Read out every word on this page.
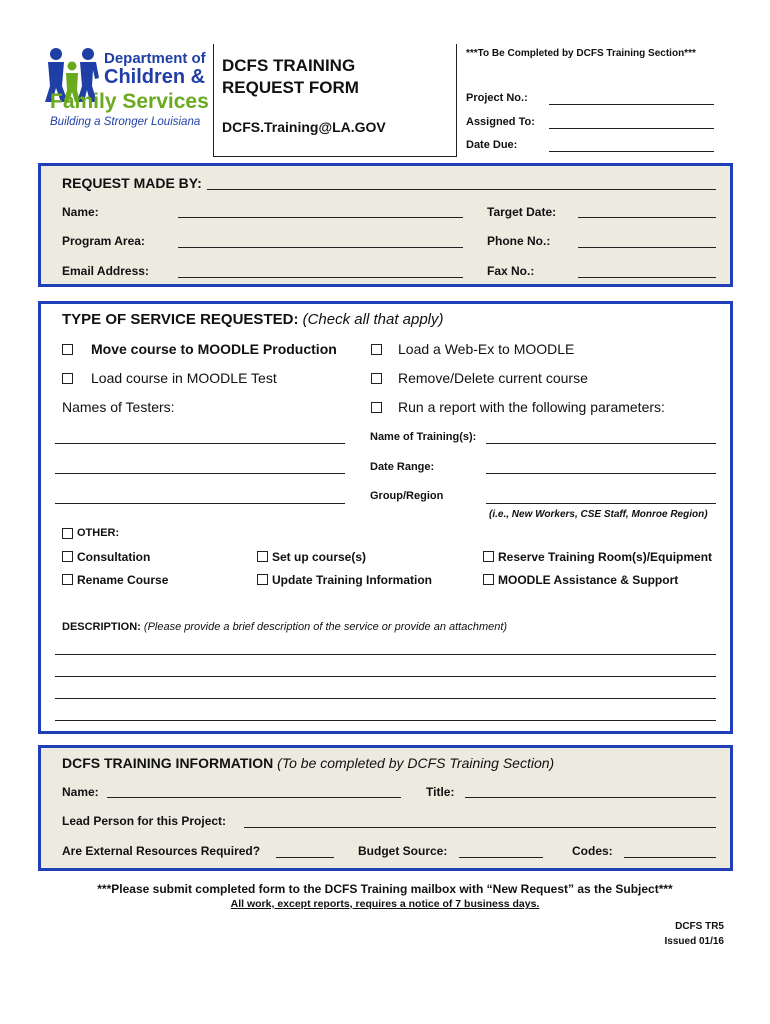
Department of
Children &
Family Services
Building a Stronger Louisiana
DCFS TRAINING
REQUEST FORM
DCFS.Training@LA.GOV
***To Be Completed by DCFS Training Section***
Project No.:
Assigned To:
Date Due:
REQUEST MADE BY:
Name:	Target Date:
Program Area:	Phone No.:
Email Address:	Fax No.:
TYPE OF SERVICE REQUESTED: (Check all that apply)
Move course to MOODLE Production	Load a Web-Ex to MOODLE
Load course in MOODLE Test	Remove/Delete current course
Names of Testers:	Run a report with the following parameters:
Name of Training(s):
Date Range:
Group/Region
(i.e., New Workers, CSE Staff, Monroe Region)
OTHER:
Consultation	Set up course(s)	Reserve Training Room(s)/Equipment
Rename Course	Update Training Information	MOODLE Assistance & Support
DESCRIPTION: (Please provide a brief description of the service or provide an attachment)
DCFS TRAINING INFORMATION (To be completed by DCFS Training Section)
Name:	Title:
Lead Person for this Project:
Are External Resources Required?	Budget Source:	Codes:
***Please submit completed form to the DCFS Training mailbox with “New Request” as the Subject***
All work, except reports, requires a notice of 7 business days.
DCFS TR5
Issued 01/16
